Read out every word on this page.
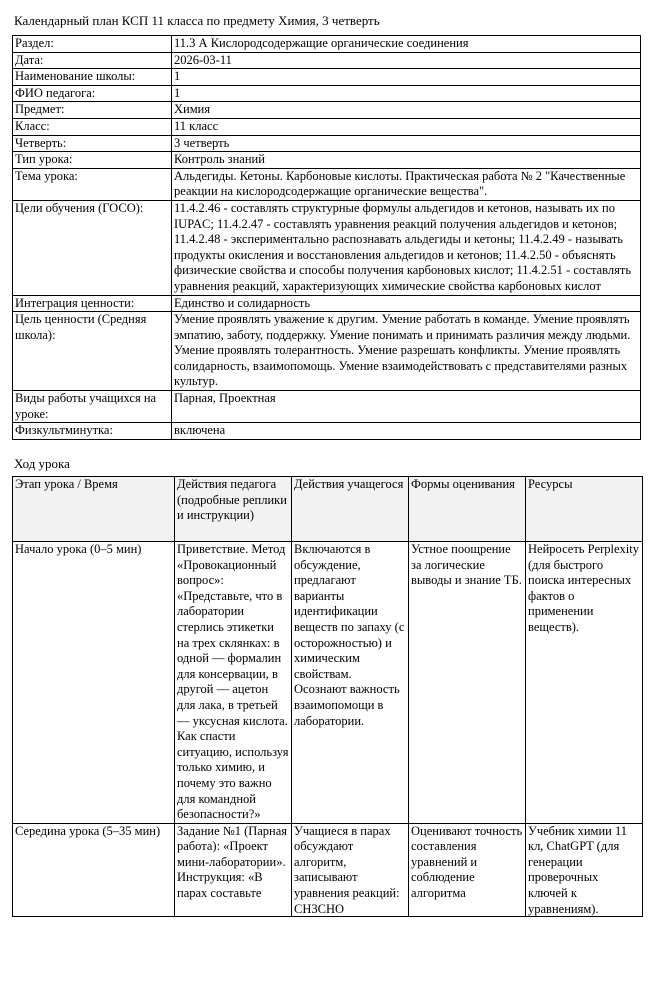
Календарный план КСП 11 класса по предмету Химия, 3 четверть
Раздел:	11.3 А Кислородсодержащие органические соединения
Дата:	2026-03-11
Наименование школы:	1
ФИО педагога:	1
Предмет:	Химия
Класс:	11 класс
Четверть:	3 четверть
Тип урока:	Контроль знаний
Тема урока:	Альдегиды. Кетоны. Карбоновые кислоты. Практическая работа № 2 "Качественные реакции на кислородсодержащие органические вещества".
Цели обучения (ГОСО):	11.4.2.46 - составлять структурные формулы альдегидов и кетонов, называть их по IUPAC; 11.4.2.47 - составлять уравнения реакций получения альдегидов и кетонов; 11.4.2.48 - экспериментально распознавать альдегиды и кетоны; 11.4.2.49 - называть продукты окисления и восстановления альдегидов и кетонов; 11.4.2.50 - объяснять физические свойства и способы получения карбоновых кислот; 11.4.2.51 - составлять уравнения реакций, характеризующих химические свойства карбоновых кислот
Интеграция ценности:	Единство и солидарность
Цель ценности (Средняя школа):	Умение проявлять уважение к другим. Умение работать в команде. Умение проявлять эмпатию, заботу, поддержку. Умение понимать и принимать различия между людьми. Умение проявлять толерантность. Умение разрешать конфликты. Умение проявлять солидарность, взаимопомощь. Умение взаимодействовать с представителями разных культур.
Виды работы учащихся на уроке:	Парная, Проектная
Физкультминутка:	включена
Ход урока
Этап урока / Время	Действия педагога (подробные реплики и инструкции)	Действия учащегося	Формы оценивания	Ресурсы
Начало урока (0–5 мин)	Приветствие. Метод «Провокационный вопрос»: «Представьте, что в лаборатории стерлись этикетки на трех склянках: в одной — формалин для консервации, в другой — ацетон для лака, в третьей — уксусная кислота. Как спасти ситуацию, используя только химию, и почему это важно для командной безопасности?»	Включаются в обсуждение, предлагают варианты идентификации веществ по запаху (с осторожностью) и химическим свойствам. Осознают важность взаимопомощи в лаборатории.	Устное поощрение за логические выводы и знание ТБ.	Нейросеть Perplexity (для быстрого поиска интересных фактов о применении веществ).

Середина урока (5–35 мин)	Задание №1 (Парная работа): «Проект мини-лаборатории». Инструкция: «В парах составьте	Учащиеся в парах обсуждают алгоритм, записывают уравнения реакций: CH3CHO	Оценивают точность составления уравнений и соблюдение алгоритма	Учебник химии 11 кл, ChatGPT (для генерации проверочных ключей к уравнениям).
